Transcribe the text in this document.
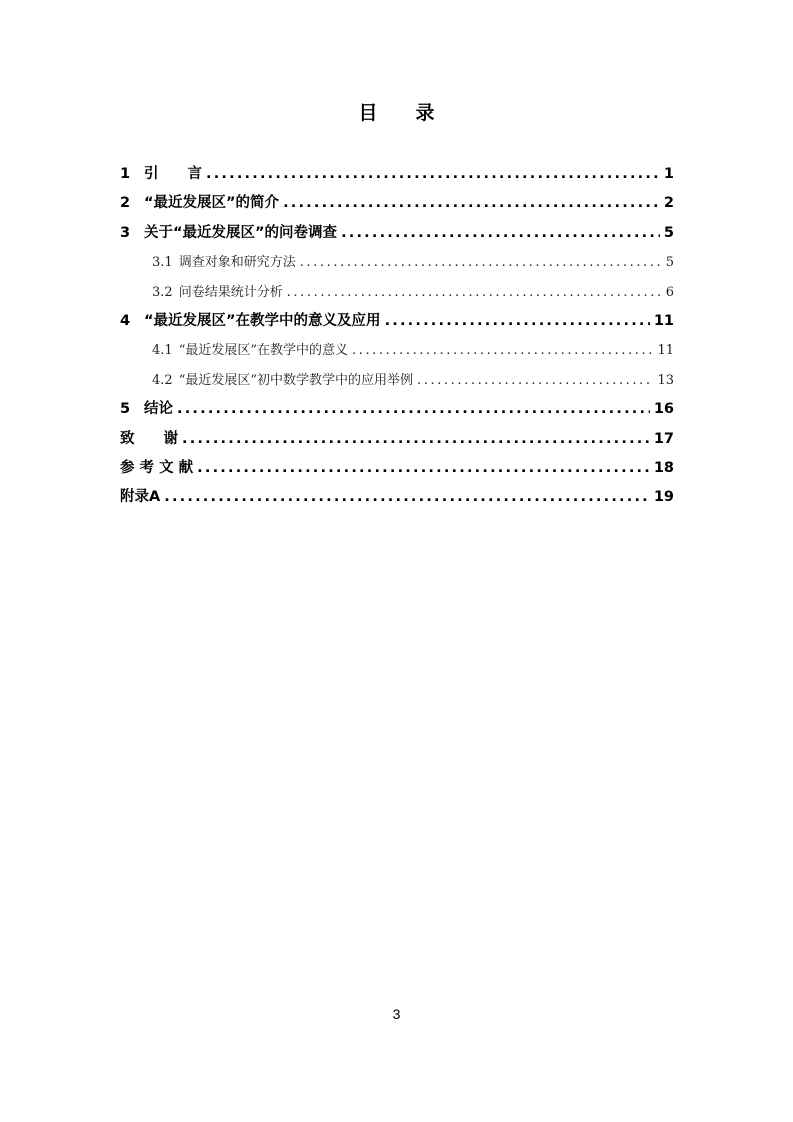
目　　录
1 引　　言 .....	1
2 “最近发展区”的简介 .....	2
3 关于“最近发展区”的问卷调查 .....	5
3.1 调查对象和研究方法 .....	5
3.2 问卷结果统计分析 .....	6
4 “最近发展区”在教学中的意义及应用 .....	11
4.1 “最近发展区”在教学中的意义 .....	11
4.2 “最近发展区”初中数学教学中的应用举例 .....	13
5 结论 .....	16
致　　谢 .....	17
参 考 文 献 .....	18
附录A .....	19
3
